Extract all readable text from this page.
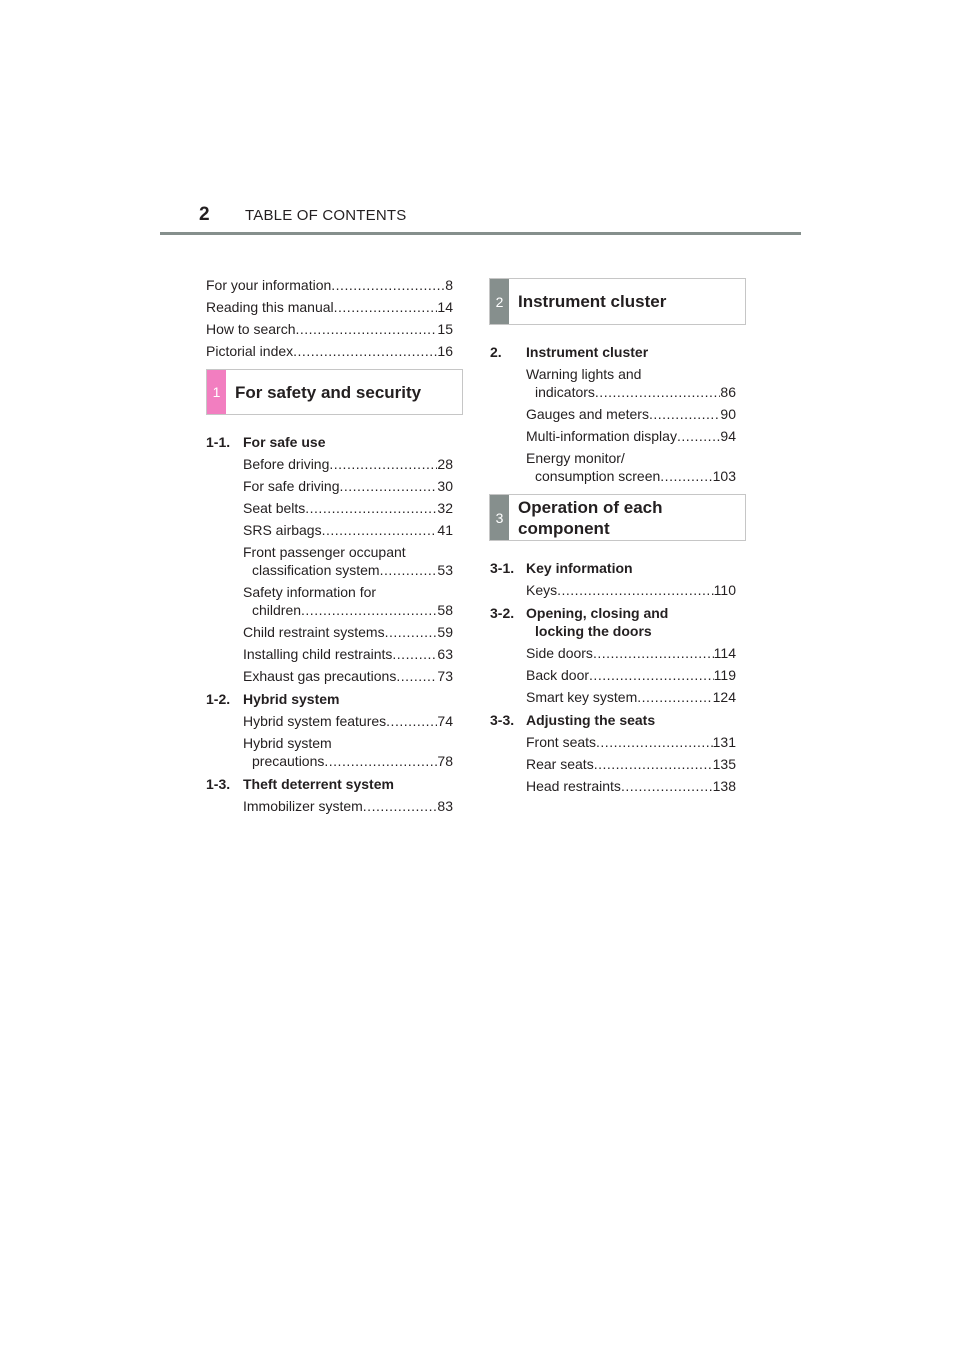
2 TABLE OF CONTENTS
For your information .....	8
Reading this manual .....	14
How to search .....	15
Pictorial index .....	16
1 For safety and security
1-1. For safe use
Before driving .....	28
For safe driving .....	30
Seat belts .....	32
SRS airbags .....	41
Front passenger occupant
classification system .....	53
Safety information for
children .....	58
Child restraint systems .....	59
Installing child restraints .....	63
Exhaust gas precautions .....	73
1-2. Hybrid system
Hybrid system features .....	74
Hybrid system
precautions .....	78
1-3. Theft deterrent system
Immobilizer system .....	83
2 Instrument cluster
2. Instrument cluster
Warning lights and
indicators .....	86
Gauges and meters .....	90
Multi-information display .....	94
Energy monitor/
consumption screen .....	103
3
Operation of each
component
3-1. Key information
Keys .....	110
3-2. Opening, closing and
locking the doors
Side doors .....	114
Back door .....	119
Smart key system .....	124
3-3. Adjusting the seats
Front seats .....	131
Rear seats .....	135
Head restraints .....	138
